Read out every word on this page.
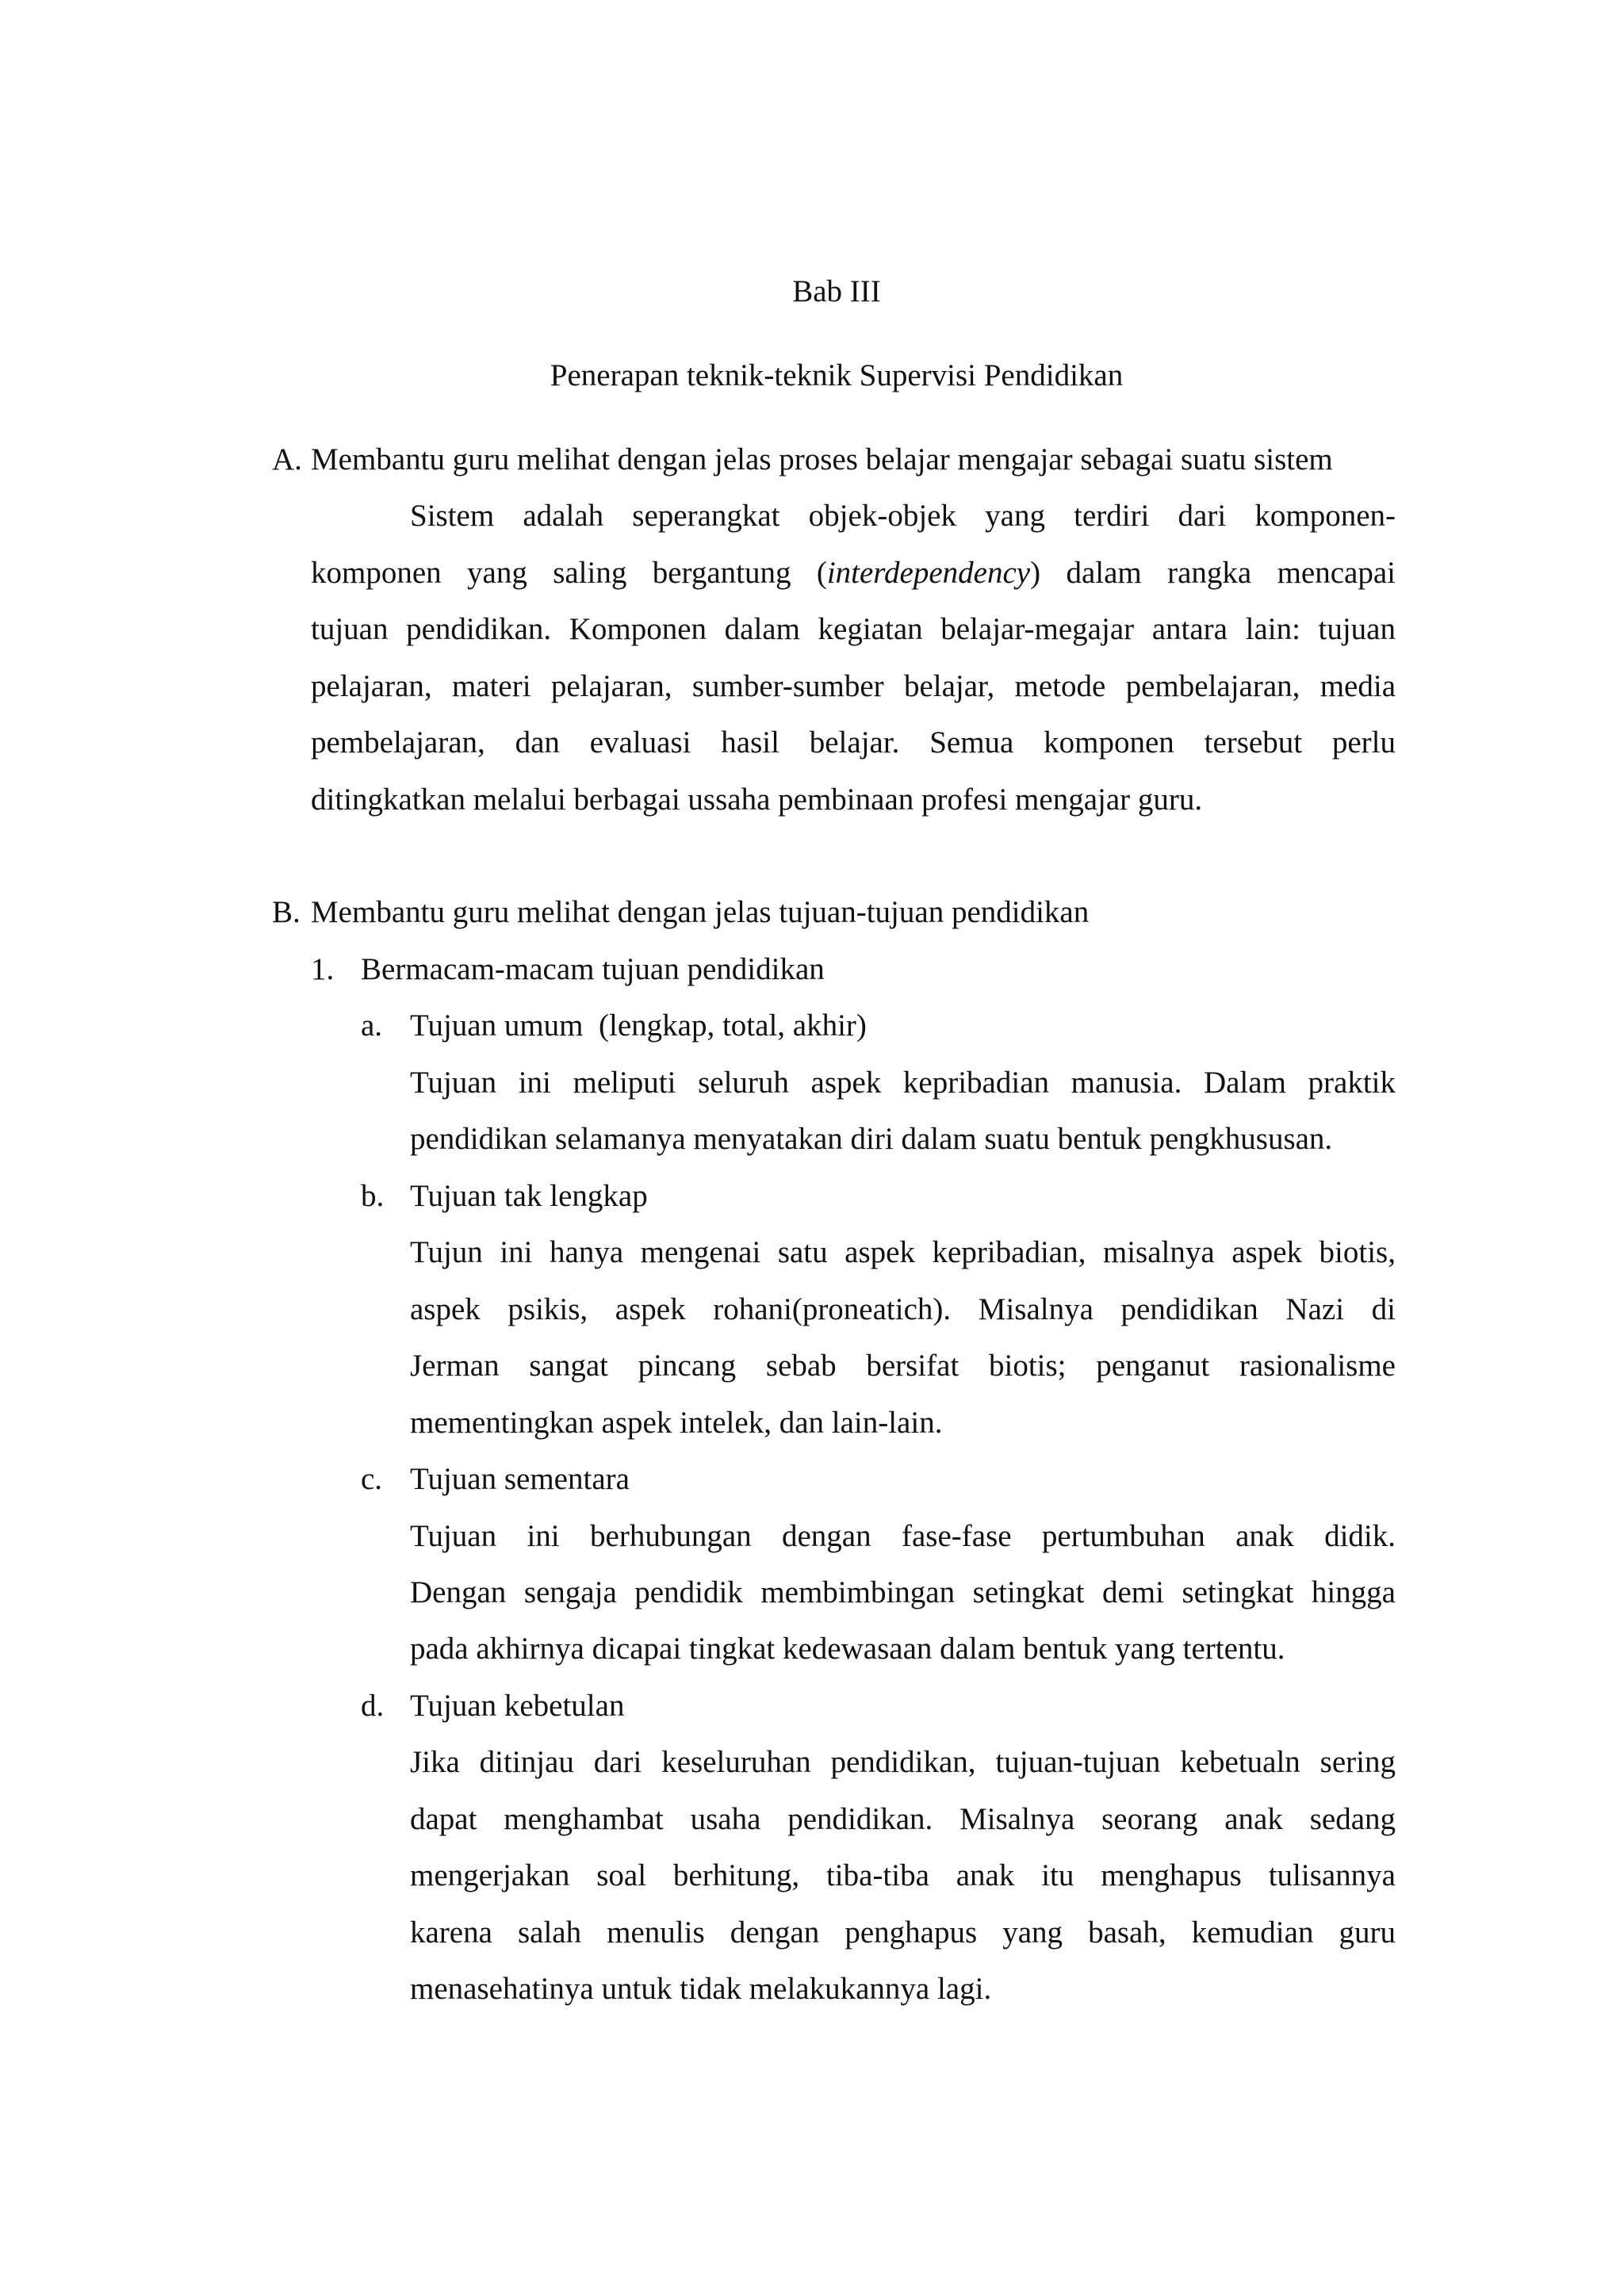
Bab III
Penerapan teknik-teknik Supervisi Pendidikan
A. Membantu guru melihat dengan jelas proses belajar mengajar sebagai suatu sistem
Sistem adalah seperangkat objek-objek yang terdiri dari komponen-
komponen yang saling bergantung (interdependency) dalam rangka mencapai
tujuan pendidikan. Komponen dalam kegiatan belajar-megajar antara lain: tujuan
pelajaran, materi pelajaran, sumber-sumber belajar, metode pembelajaran, media
pembelajaran, dan evaluasi hasil belajar. Semua komponen tersebut perlu
ditingkatkan melalui berbagai ussaha pembinaan profesi mengajar guru.
B. Membantu guru melihat dengan jelas tujuan-tujuan pendidikan
1. Bermacam-macam tujuan pendidikan
a. Tujuan umum  (lengkap, total, akhir)
Tujuan ini meliputi seluruh aspek kepribadian manusia. Dalam praktik
pendidikan selamanya menyatakan diri dalam suatu bentuk pengkhususan.
b. Tujuan tak lengkap
Tujun ini hanya mengenai satu aspek kepribadian, misalnya aspek biotis,
aspek psikis, aspek rohani(proneatich). Misalnya pendidikan Nazi di
Jerman sangat pincang sebab bersifat biotis; penganut rasionalisme
mementingkan aspek intelek, dan lain-lain.
c. Tujuan sementara
Tujuan ini berhubungan dengan fase-fase pertumbuhan anak didik.
Dengan sengaja pendidik membimbingan setingkat demi setingkat hingga
pada akhirnya dicapai tingkat kedewasaan dalam bentuk yang tertentu.
d. Tujuan kebetulan
Jika ditinjau dari keseluruhan pendidikan, tujuan-tujuan kebetualn sering
dapat menghambat usaha pendidikan. Misalnya seorang anak sedang
mengerjakan soal berhitung, tiba-tiba anak itu menghapus tulisannya
karena salah menulis dengan penghapus yang basah, kemudian guru
menasehatinya untuk tidak melakukannya lagi.
